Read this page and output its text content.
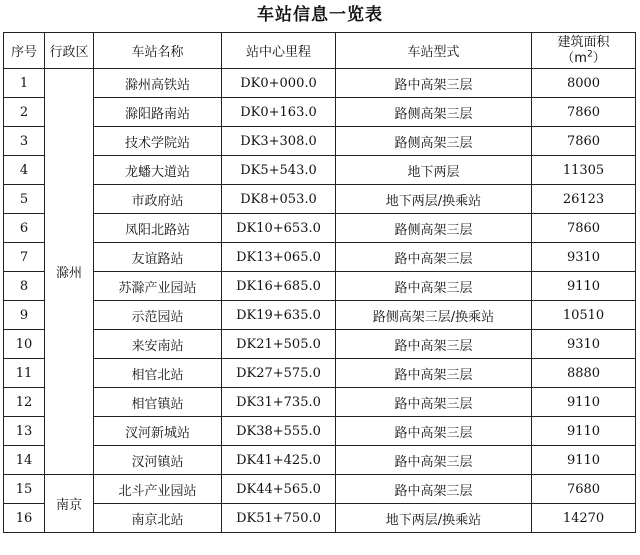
车站信息一览表
序号	行政区	车站名称	站中心里程	车站型式	建筑面积
$(m^2)$
1	滁州	滁州高铁站	DK0+000.0	路中高架三层	8000
2		滁阳路南站	DK0+163.0	路侧高架三层	7860
3		技术学院站	DK3+308.0	路侧高架三层	7860
4		龙蟠大道站	DK5+543.0	地下两层	11305
5		市政府站	DK8+053.0	地下两层/换乘站	26123
6		凤阳北路站	DK10+653.0	路侧高架三层	7860
7		友谊路站	DK13+065.0	路中高架三层	9310
8		苏滁产业园站	DK16+685.0	路中高架三层	9110
9		示范园站	DK19+635.0	路侧高架三层/换乘站	10510
10		来安南站	DK21+505.0	路中高架三层	9310
11		相官北站	DK27+575.0	路中高架三层	8880
12		相官镇站	DK31+735.0	路中高架三层	9110
13		汊河新城站	DK38+555.0	路中高架三层	9110
14		汊河镇站	DK41+425.0	路中高架三层	9110
15	南京	北斗产业园站	DK44+565.0	路中高架三层	7680
16		南京北站	DK51+750.0	地下两层/换乘站	14270
